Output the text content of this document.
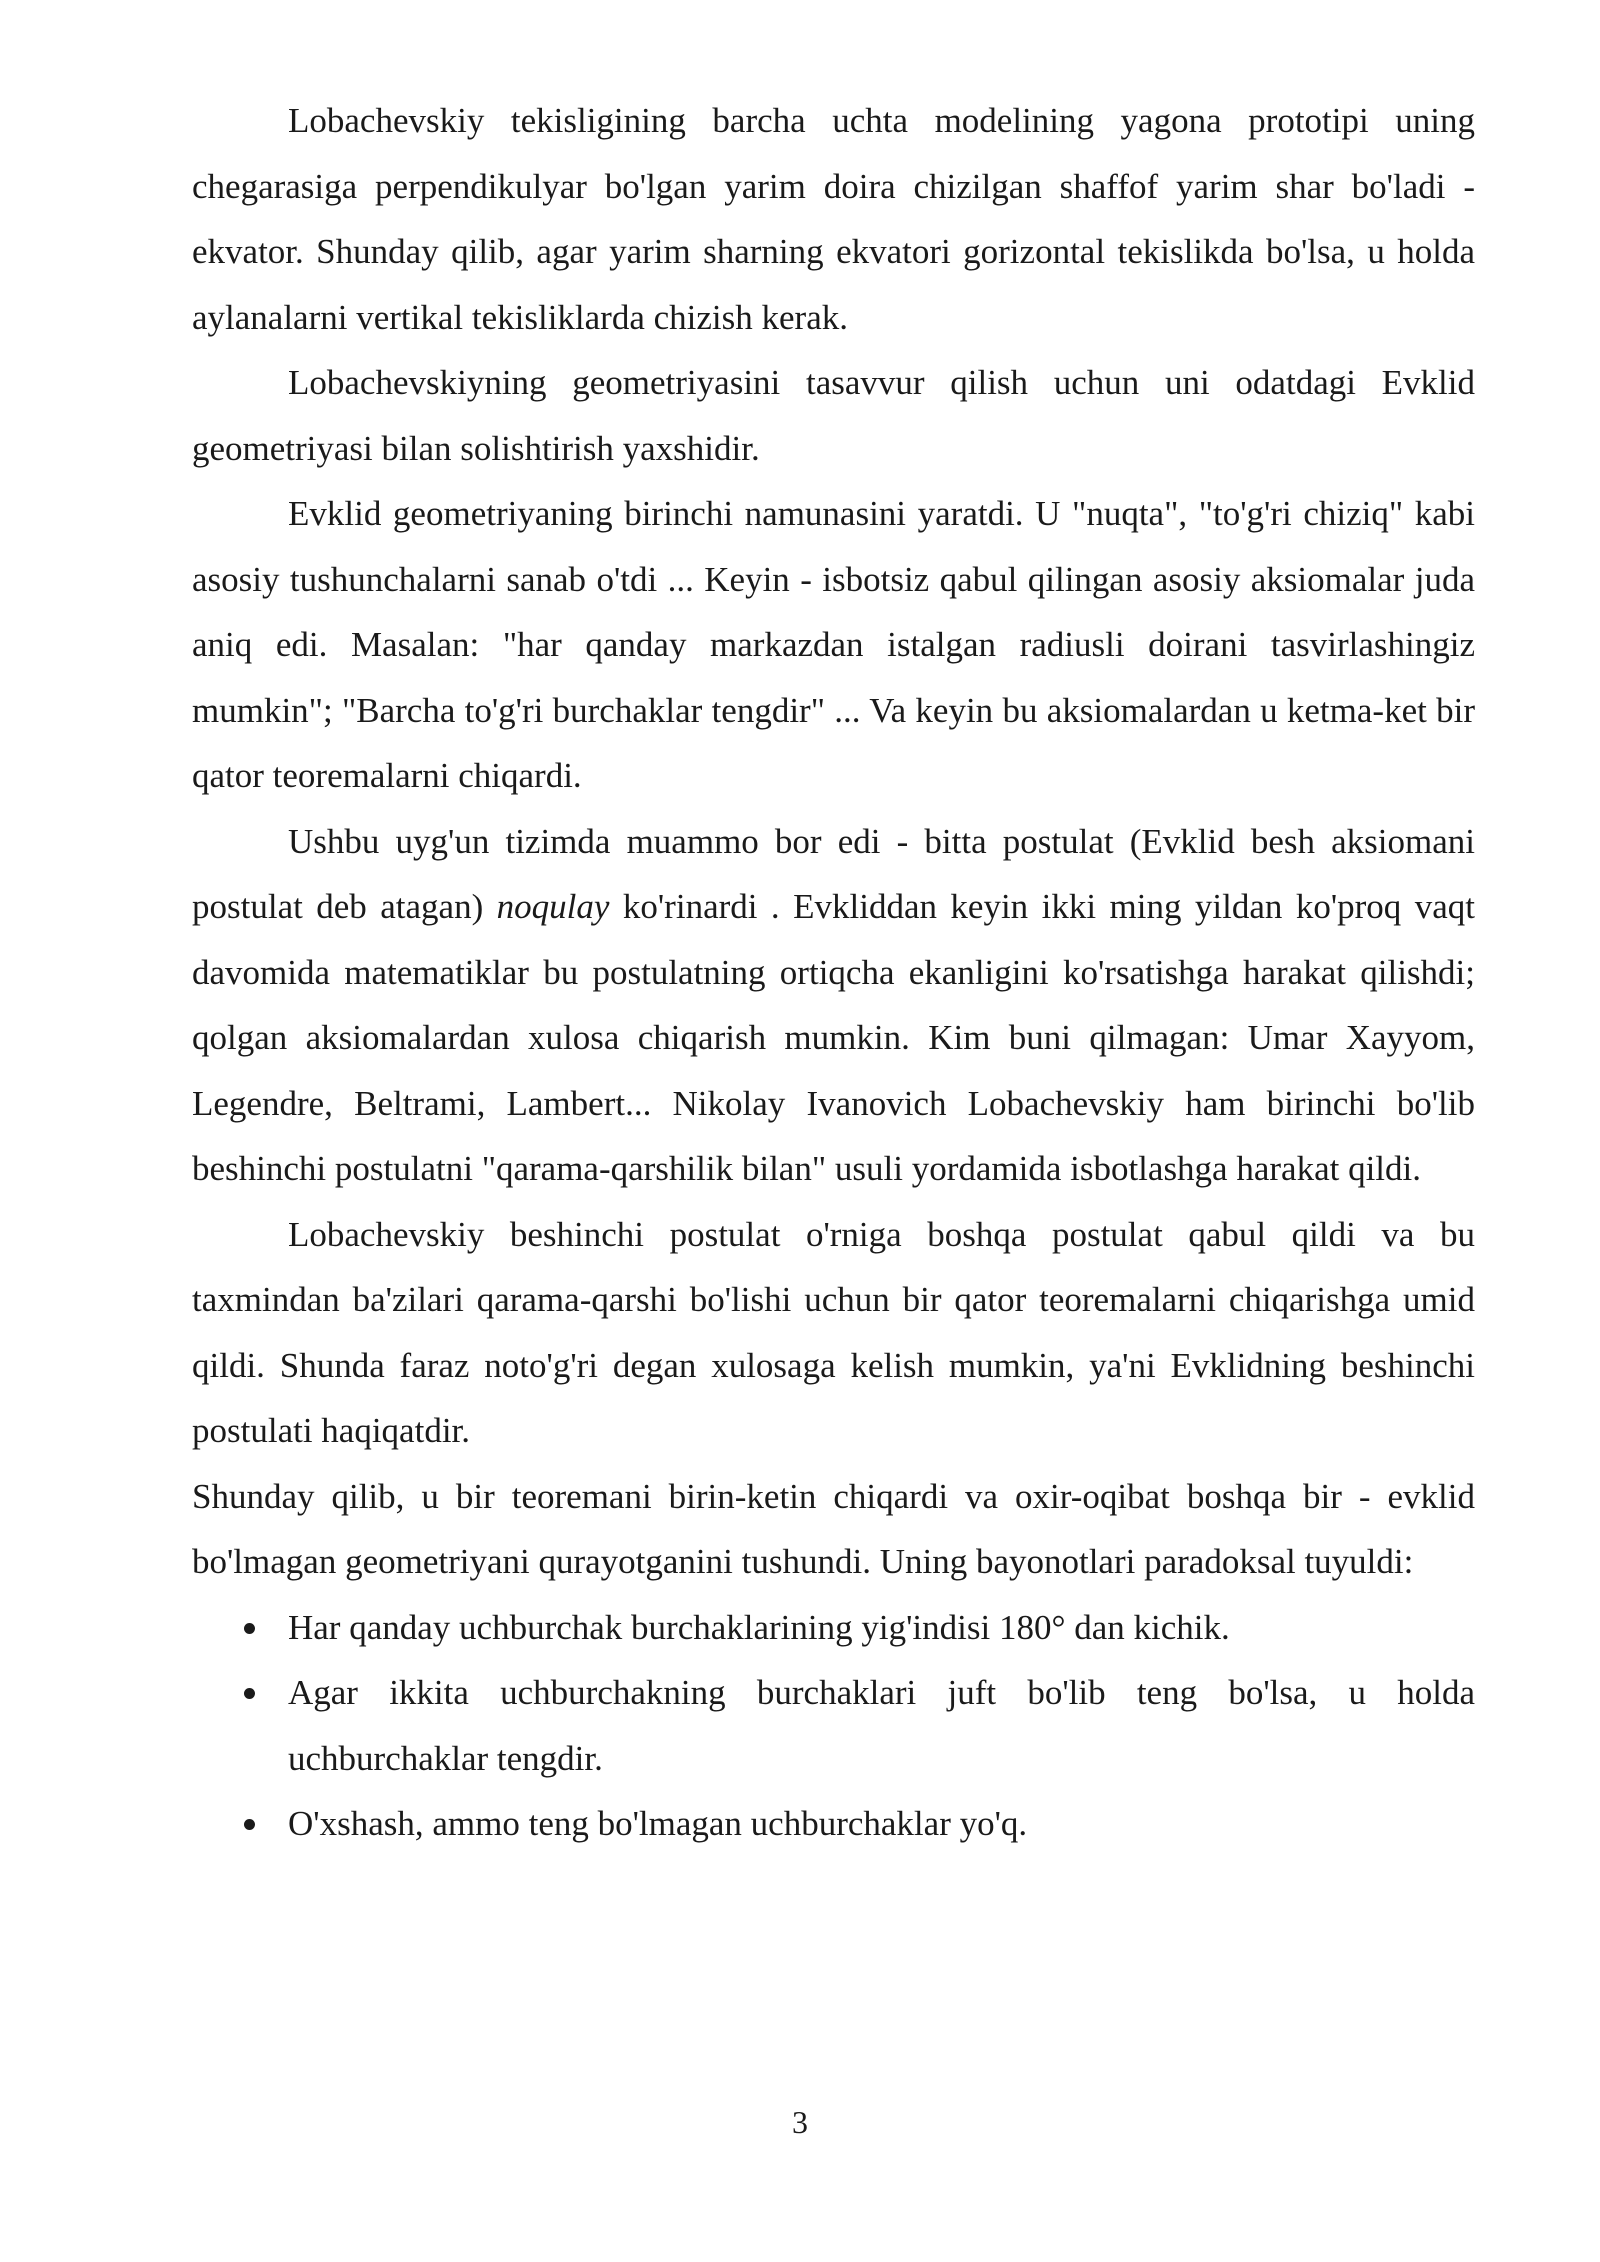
Lobachevskiy tekisligining barcha uchta modelining yagona prototipi uning chegarasiga perpendikulyar bo'lgan yarim doira chizilgan shaffof yarim shar bo'ladi - ekvator. Shunday qilib, agar yarim sharning ekvatori gorizontal tekislikda bo'lsa, u holda aylanalarni vertikal tekisliklarda chizish kerak.

Lobachevskiyning geometriyasini tasavvur qilish uchun uni odatdagi Evklid geometriyasi bilan solishtirish yaxshidir.

Evklid geometriyaning birinchi namunasini yaratdi. U "nuqta", "to'g'ri chiziq" kabi asosiy tushunchalarni sanab o'tdi ... Keyin - isbotsiz qabul qilingan asosiy aksiomalar juda aniq edi. Masalan: "har qanday markazdan istalgan radiusli doirani tasvirlashingiz mumkin"; "Barcha to'g'ri burchaklar tengdir" ... Va keyin bu aksiomalardan u ketma-ket bir qator teoremalarni chiqardi.

Ushbu uyg'un tizimda muammo bor edi - bitta postulat (Evklid besh aksiomani postulat deb atagan) noqulay ko'rinardi . Evkliddan keyin ikki ming yildan ko'proq vaqt davomida matematiklar bu postulatning ortiqcha ekanligini ko'rsatishga harakat qilishdi; qolgan aksiomalardan xulosa chiqarish mumkin. Kim buni qilmagan: Umar Xayyom, Legendre, Beltrami, Lambert... Nikolay Ivanovich Lobachevskiy ham birinchi bo'lib beshinchi postulatni "qarama-qarshilik bilan" usuli yordamida isbotlashga harakat qildi.

Lobachevskiy beshinchi postulat o'rniga boshqa postulat qabul qildi va bu taxmindan ba'zilari qarama-qarshi bo'lishi uchun bir qator teoremalarni chiqarishga umid qildi. Shunda faraz noto'g'ri degan xulosaga kelish mumkin, ya'ni Evklidning beshinchi postulati haqiqatdir.

Shunday qilib, u bir teoremani birin-ketin chiqardi va oxir-oqibat boshqa bir - evklid bo'lmagan geometriyani qurayotganini tushundi. Uning bayonotlari paradoksal tuyuldi:

Har qanday uchburchak burchaklarining yig'indisi 180° dan kichik.
Agar ikkita uchburchakning burchaklari juft bo'lib teng bo'lsa, u holda uchburchaklar tengdir.
O'xshash, ammo teng bo'lmagan uchburchaklar yo'q.
3
